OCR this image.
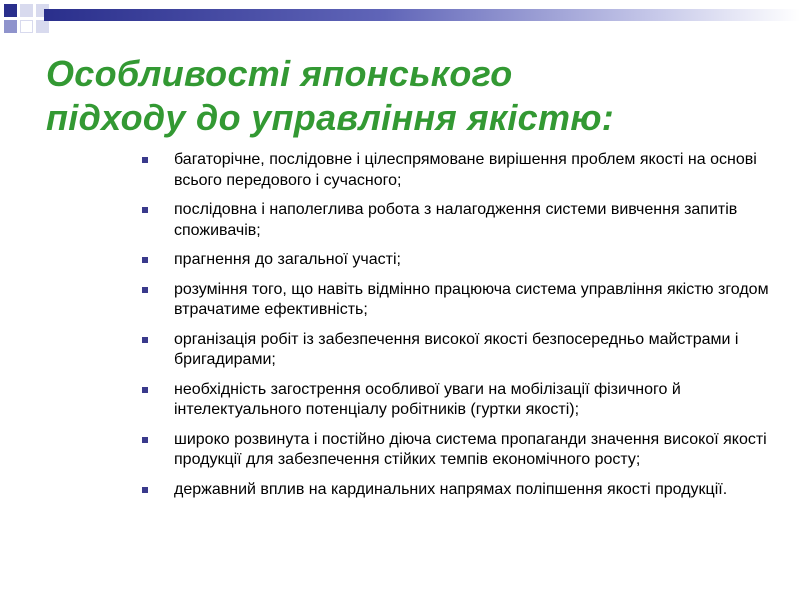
Особливості японського
підходу до управління якістю:
багаторічне, послідовне і цілеспрямоване вирішення проблем якості на основі всього передового і сучасного;
послідовна і наполеглива робота з налагодження системи вивчення запитів споживачів;
прагнення до загальної участі;
розуміння того, що навіть відмінно працююча система управління якістю згодом втрачатиме ефективність;
організація робіт із забезпечення високої якості безпосередньо майстрами і бригадирами;
необхідність загострення особливої уваги на мобілізації фізичного й інтелектуального потенціалу робітників (гуртки якості);
широко розвинута і постійно діюча система пропаганди значення високої якості продукції для забезпечення стійких темпів економічного росту;
державний вплив на кардинальних напрямах поліпшення якості продукції.
